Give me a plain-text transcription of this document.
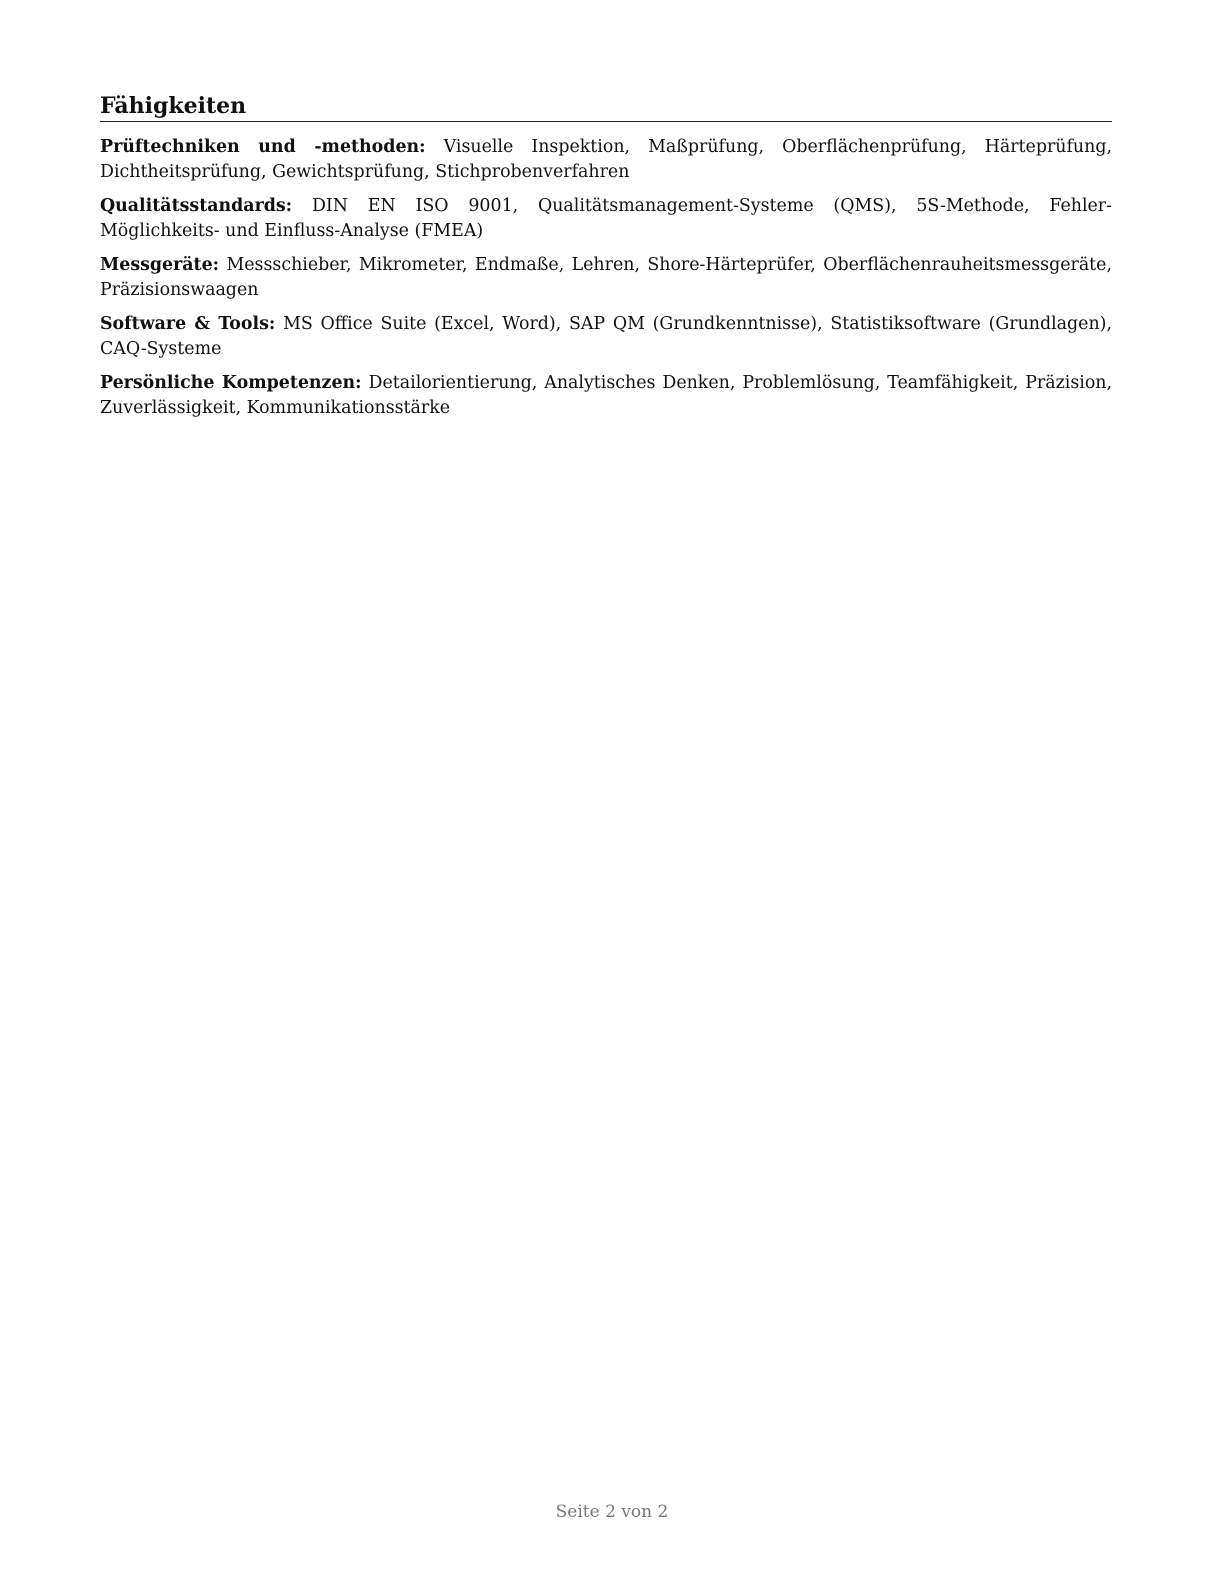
Fähigkeiten

Prüftechniken und -methoden: Visuelle Inspektion, Maßprüfung, Oberflächenprüfung, Härteprüfung, Dichtheitsprüfung, Gewichtsprüfung, Stichprobenverfahren

Qualitätsstandards: DIN EN ISO 9001, Qualitätsmanagement-Systeme (QMS), 5S-Methode, Fehler-Möglichkeits- und Einfluss-Analyse (FMEA)

Messgeräte: Messschieber, Mikrometer, Endmaße, Lehren, Shore-Härteprüfer, Oberflächenrauheitsmessgeräte, Präzisionswaagen

Software & Tools: MS Office Suite (Excel, Word), SAP QM (Grundkenntnisse), Statistiksoftware (Grundlagen), CAQ-Systeme

Persönliche Kompetenzen: Detailorientierung, Analytisches Denken, Problemlösung, Teamfähigkeit, Präzision, Zuverlässigkeit, Kommunikationsstärke

Seite 2 von 2
